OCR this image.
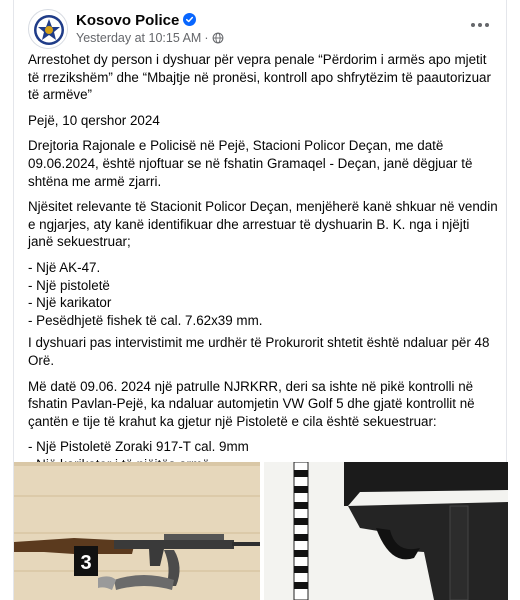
Kosovo Police
Yesterday at 10:15 AM ·

Arrestohet dy person i dyshuar për vepra penale “Përdorim i armës apo mjetit të rrezikshëm” dhe “Mbajtje në pronësi, kontroll apo shfrytëzim të paautorizuar të armëve”

Pejë, 10 qershor 2024

Drejtoria Rajonale e Policisë në Pejë, Stacioni Policor Deçan, me datë 09.06.2024, është njoftuar se në fshatin Gramaqel - Deçan, janë dëgjuar të shtëna me armë zjarri.

Njësitet relevante të Stacionit Policor Deçan, menjëherë kanë shkuar në vendin e ngjarjes, aty kanë identifikuar dhe arrestuar të dyshuarin B. K. nga i njëjti janë sekuestruar;

- Një AK-47.
- Një pistoletë
- Një karikator
- Pesëdhjetë fishek të cal. 7.62x39 mm.

I dyshuari pas intervistimit me urdhër të Prokurorit shtetit është ndaluar për 48 Orë.

Më datë 09.06. 2024 një patrulle NJRKRR, deri sa ishte në pikë kontrolli në fshatin Pavlan-Pejë, ka ndaluar automjetin VW Golf 5 dhe gjatë kontrollit në çantën e tije të krahut ka gjetur një Pistoletë e cila është sekuestruar:

- Një Pistoletë Zoraki 917-T cal. 9mm

3
